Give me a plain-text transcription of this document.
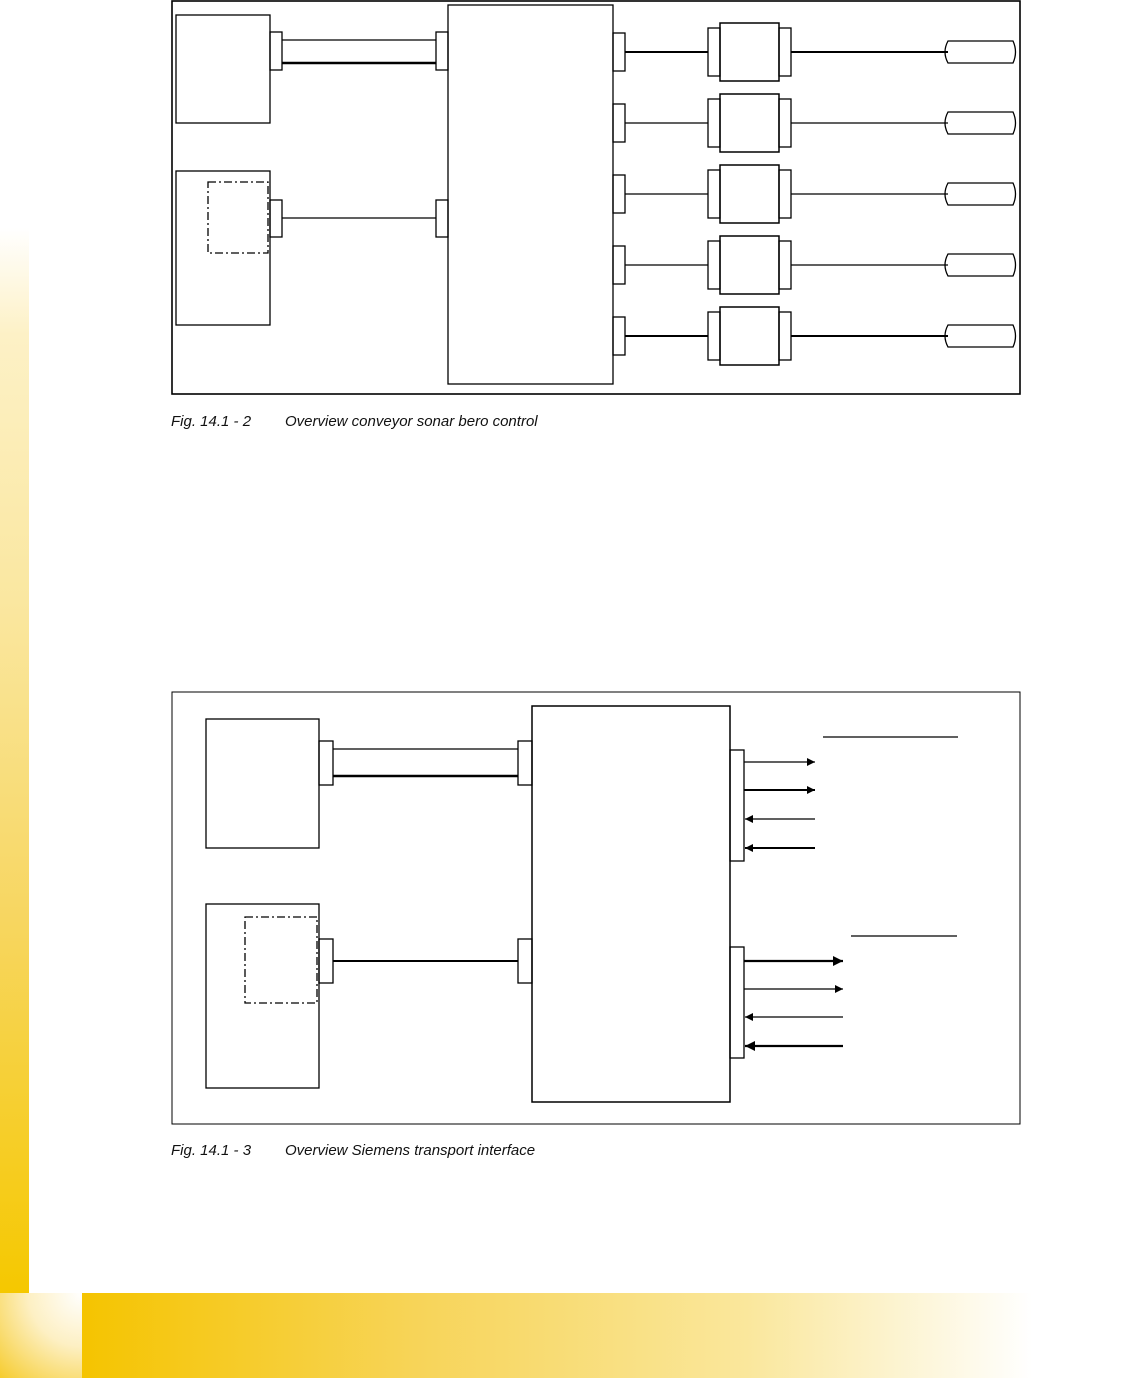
Fig. 14.1 - 2 Overview conveyor sonar bero control
Fig. 14.1 - 3 Overview Siemens transport interface
